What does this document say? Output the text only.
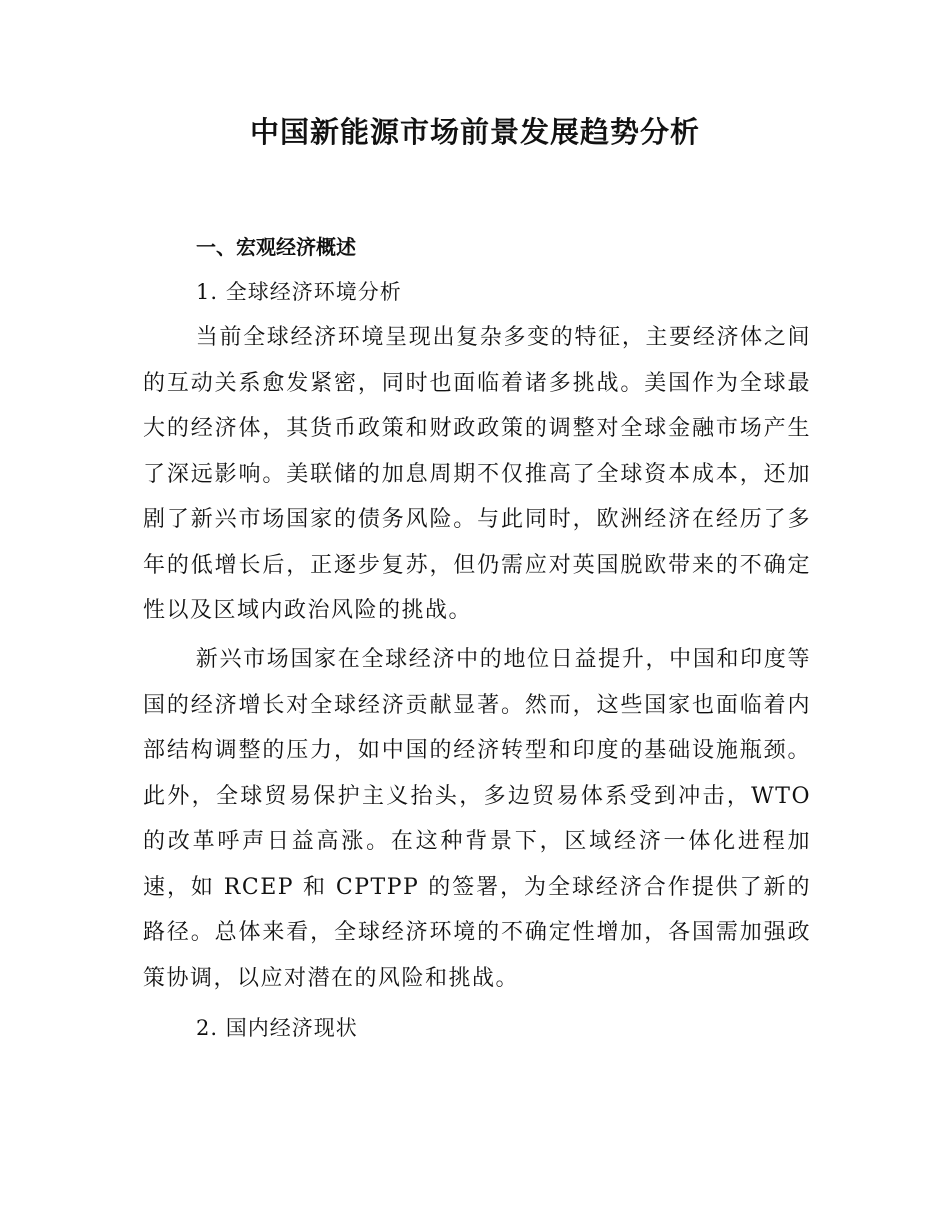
中国新能源市场前景发展趋势分析
一、宏观经济概述
1. 全球经济环境分析

当前全球经济环境呈现出复杂多变的特征，主要经济体之间的互动关系愈发紧密，同时也面临着诸多挑战。美国作为全球最大的经济体，其货币政策和财政政策的调整对全球金融市场产生了深远影响。美联储的加息周期不仅推高了全球资本成本，还加剧了新兴市场国家的债务风险。与此同时，欧洲经济在经历了多年的低增长后，正逐步复苏，但仍需应对英国脱欧带来的不确定性以及区域内政治风险的挑战。

新兴市场国家在全球经济中的地位日益提升，中国和印度等国的经济增长对全球经济贡献显著。然而，这些国家也面临着内部结构调整的压力，如中国的经济转型和印度的基础设施瓶颈。此外，全球贸易保护主义抬头，多边贸易体系受到冲击，WTO 的改革呼声日益高涨。在这种背景下，区域经济一体化进程加速，如 RCEP 和 CPTPP 的签署，为全球经济合作提供了新的路径。总体来看，全球经济环境的不确定性增加，各国需加强政策协调，以应对潜在的风险和挑战。

2. 国内经济现状
